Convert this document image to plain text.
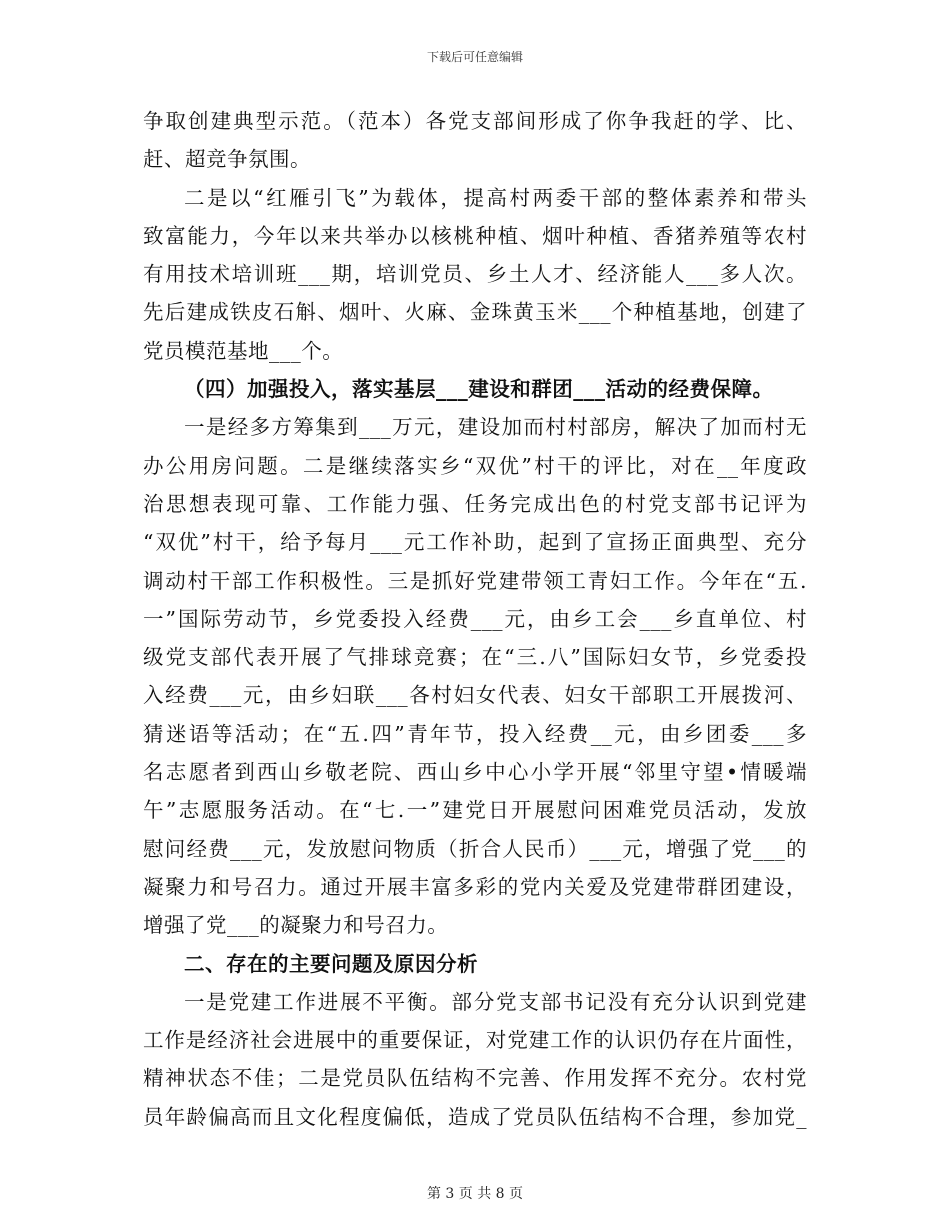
下载后可任意编辑
争取创建典型示范。（范本）各党支部间形成了你争我赶的学、比、
赶、超竞争氛围。
二是以“红雁引飞”为载体，提高村两委干部的整体素养和带头
致富能力，今年以来共举办以核桃种植、烟叶种植、香猪养殖等农村
有用技术培训班___期，培训党员、乡土人才、经济能人___多人次。
先后建成铁皮石斛、烟叶、火麻、金珠黄玉米___个种植基地，创建了
党员模范基地___个。
（四）加强投入，落实基层___建设和群团___活动的经费保障。
一是经多方筹集到___万元，建设加而村村部房，解决了加而村无
办公用房问题。二是继续落实乡“双优”村干的评比，对在__年度政
治思想表现可靠、工作能力强、任务完成出色的村党支部书记评为
“双优”村干，给予每月___元工作补助，起到了宣扬正面典型、充分
调动村干部工作积极性。三是抓好党建带领工青妇工作。今年在“五.
一”国际劳动节，乡党委投入经费___元，由乡工会___乡直单位、村
级党支部代表开展了气排球竞赛；在“三.八”国际妇女节，乡党委投
入经费___元，由乡妇联___各村妇女代表、妇女干部职工开展拨河、
猜迷语等活动；在“五.四”青年节，投入经费__元，由乡团委___多
名志愿者到西山乡敬老院、西山乡中心小学开展“邻里守望•情暖端
午”志愿服务活动。在“七.一”建党日开展慰问困难党员活动，发放
慰问经费___元，发放慰问物质（折合人民币）___元，增强了党___的
凝聚力和号召力。通过开展丰富多彩的党内关爱及党建带群团建设，
增强了党___的凝聚力和号召力。
二、存在的主要问题及原因分析
一是党建工作进展不平衡。部分党支部书记没有充分认识到党建
工作是经济社会进展中的重要保证，对党建工作的认识仍存在片面性，
精神状态不佳；二是党员队伍结构不完善、作用发挥不充分。农村党
员年龄偏高而且文化程度偏低，造成了党员队伍结构不合理，参加党_
第 3 页 共 8 页
